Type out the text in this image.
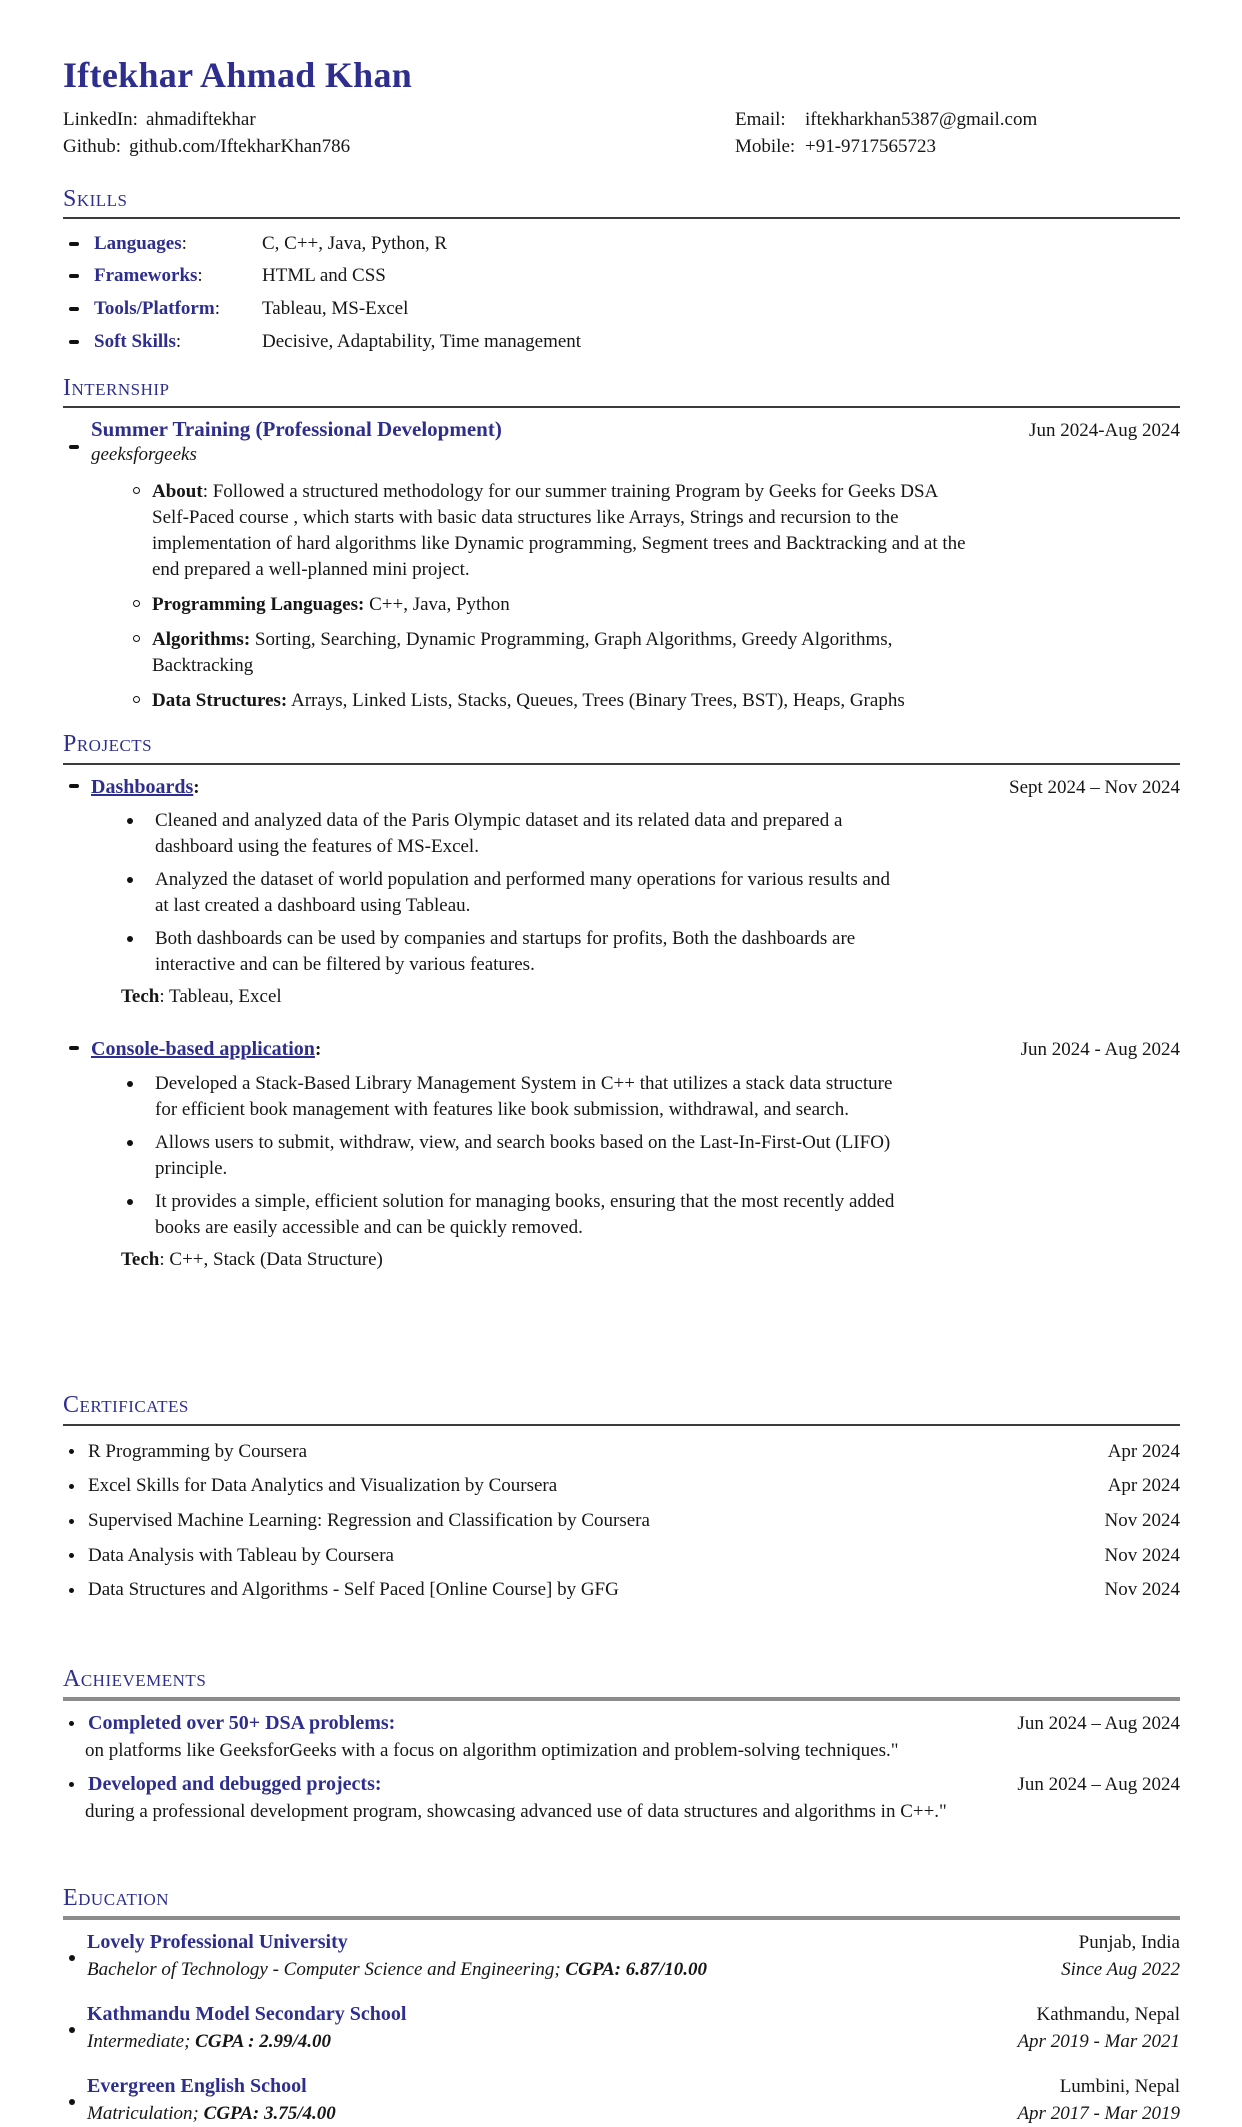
Iftekhar Ahmad Khan
LinkedIn: ahmadiftekhar
Github: github.com/IftekharKhan786
Email: iftekharkhan5387@gmail.com
Mobile: +91-9717565723
Skills
Languages:	C, C++, Java, Python, R
Frameworks:	HTML and CSS
Tools/Platform:	Tableau, MS-Excel
Soft Skills:	Decisive, Adaptability, Time management
Internship
Summer Training (Professional Development)	Jun 2024-Aug 2024
geeksforgeeks
About: Followed a structured methodology for our summer training Program by Geeks for Geeks DSA Self-Paced course , which starts with basic data structures like Arrays, Strings and recursion to the implementation of hard algorithms like Dynamic programming, Segment trees and Backtracking and at the end prepared a well-planned mini project.
Programming Languages: C++, Java, Python
Algorithms: Sorting, Searching, Dynamic Programming, Graph Algorithms, Greedy Algorithms, Backtracking
Data Structures: Arrays, Linked Lists, Stacks, Queues, Trees (Binary Trees, BST), Heaps, Graphs
Projects
Dashboards:	Sept 2024 – Nov 2024
Cleaned and analyzed data of the Paris Olympic dataset and its related data and prepared a dashboard using the features of MS-Excel.
Analyzed the dataset of world population and performed many operations for various results and at last created a dashboard using Tableau.
Both dashboards can be used by companies and startups for profits, Both the dashboards are interactive and can be filtered by various features.
Tech: Tableau, Excel
Console-based application:	Jun 2024 - Aug 2024
Developed a Stack-Based Library Management System in C++ that utilizes a stack data structure for efficient book management with features like book submission, withdrawal, and search.
Allows users to submit, withdraw, view, and search books based on the Last-In-First-Out (LIFO) principle.
It provides a simple, efficient solution for managing books, ensuring that the most recently added books are easily accessible and can be quickly removed.
Tech: C++, Stack (Data Structure)
Certificates
R Programming by Coursera	Apr 2024
Excel Skills for Data Analytics and Visualization by Coursera	Apr 2024
Supervised Machine Learning: Regression and Classification by Coursera	Nov 2024
Data Analysis with Tableau by Coursera	Nov 2024
Data Structures and Algorithms - Self Paced [Online Course] by GFG	Nov 2024
Achievements
Completed over 50+ DSA problems:	Jun 2024 – Aug 2024
on platforms like GeeksforGeeks with a focus on algorithm optimization and problem-solving techniques."
Developed and debugged projects:	Jun 2024 – Aug 2024
during a professional development program, showcasing advanced use of data structures and algorithms in C++."
Education
Lovely Professional University	Punjab, India
Bachelor of Technology - Computer Science and Engineering; CGPA: 6.87/10.00	Since Aug 2022
Kathmandu Model Secondary School	Kathmandu, Nepal
Intermediate; CGPA : 2.99/4.00	Apr 2019 - Mar 2021
Evergreen English School	Lumbini, Nepal
Matriculation; CGPA: 3.75/4.00	Apr 2017 - Mar 2019
